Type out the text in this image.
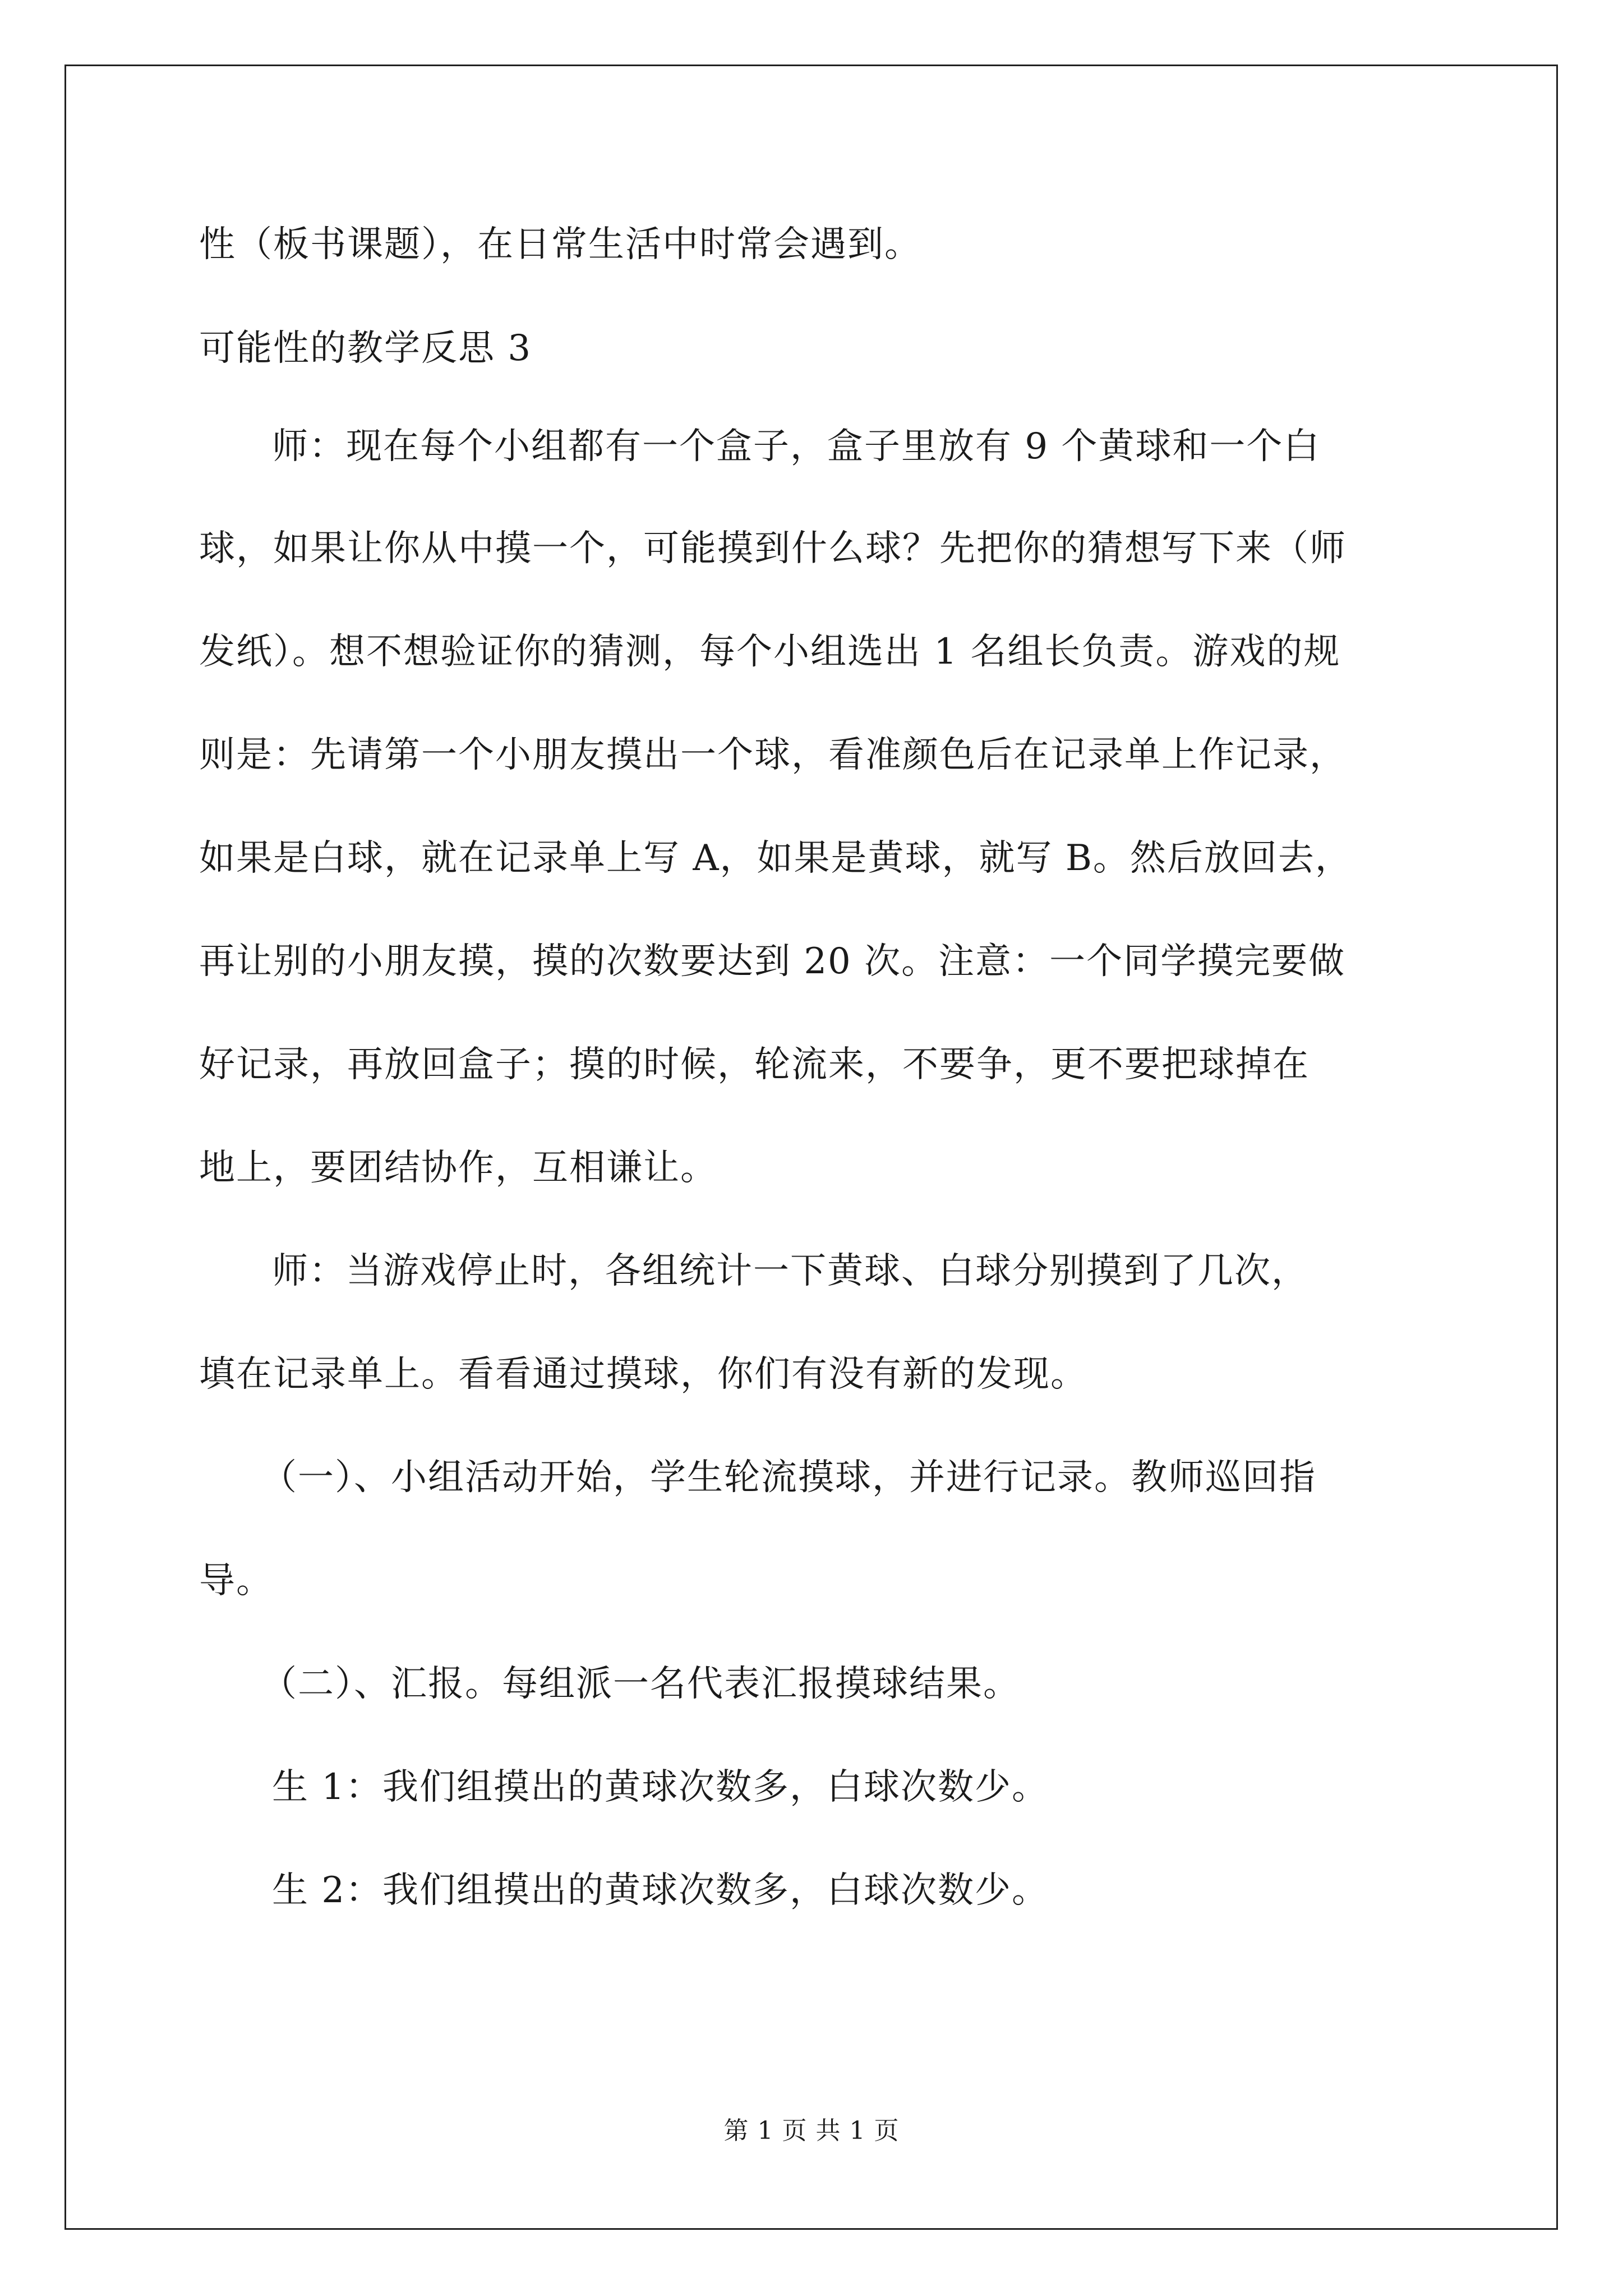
性（板书课题），在日常生活中时常会遇到。

可能性的教学反思 3

师：现在每个小组都有一个盒子，盒子里放有 9 个黄球和一个白

球，如果让你从中摸一个，可能摸到什么球？先把你的猜想写下来（师

发纸）。想不想验证你的猜测，每个小组选出 1 名组长负责。游戏的规

则是：先请第一个小朋友摸出一个球，看准颜色后在记录单上作记录，

如果是白球，就在记录单上写 A，如果是黄球，就写 B。然后放回去，

再让别的小朋友摸，摸的次数要达到 20 次。注意：一个同学摸完要做

好记录，再放回盒子；摸的时候，轮流来，不要争，更不要把球掉在

地上，要团结协作，互相谦让。

师：当游戏停止时，各组统计一下黄球、白球分别摸到了几次，

填在记录单上。看看通过摸球，你们有没有新的发现。

（一）、小组活动开始，学生轮流摸球，并进行记录。教师巡回指

导。

（二）、汇报。每组派一名代表汇报摸球结果。

生 1：我们组摸出的黄球次数多，白球次数少。

生 2：我们组摸出的黄球次数多，白球次数少。

第 1 页 共 1 页
